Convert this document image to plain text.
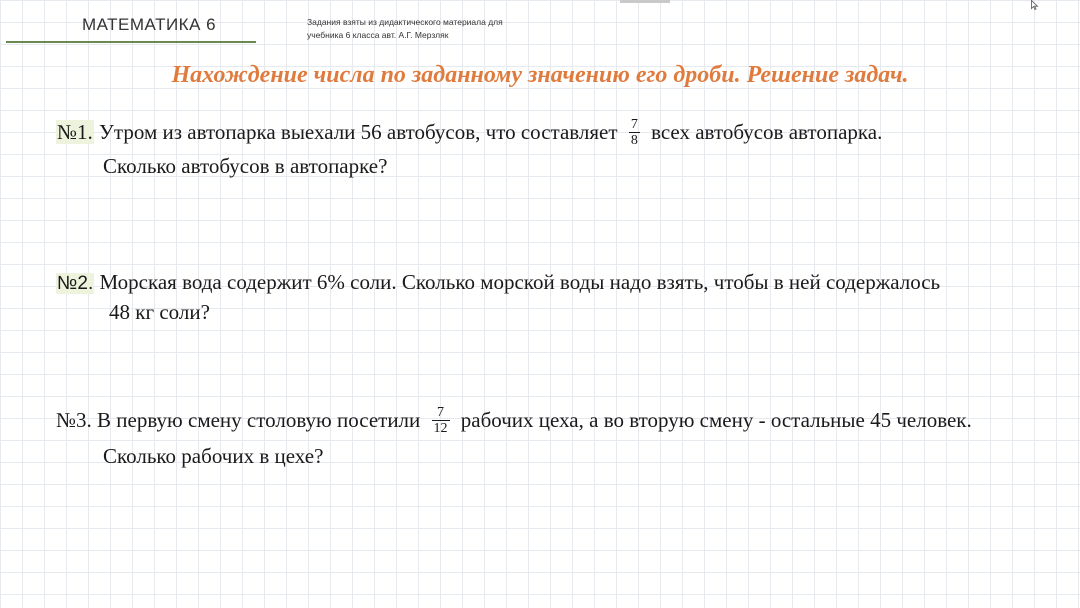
МАТЕМАТИКА 6	Задания взяты из дидактического материала для
учебника 6 класса авт. А.Г. Мерзляк
Нахождение числа по заданному значению его дроби. Решение задач.
№1. Утром из автопарка выехали 56 автобусов, что составляет $\frac{7}{8}$ всех автобусов автопарка.
Сколько автобусов в автопарке?
№2. Морская вода содержит 6% соли. Сколько морской воды надо взять, чтобы в ней содержалось
48 кг соли?
№3. В первую смену столовую посетили $\frac{7}{12}$ рабочих цеха, а во вторую смену - остальные 45 человек.
Сколько рабочих в цехе?
